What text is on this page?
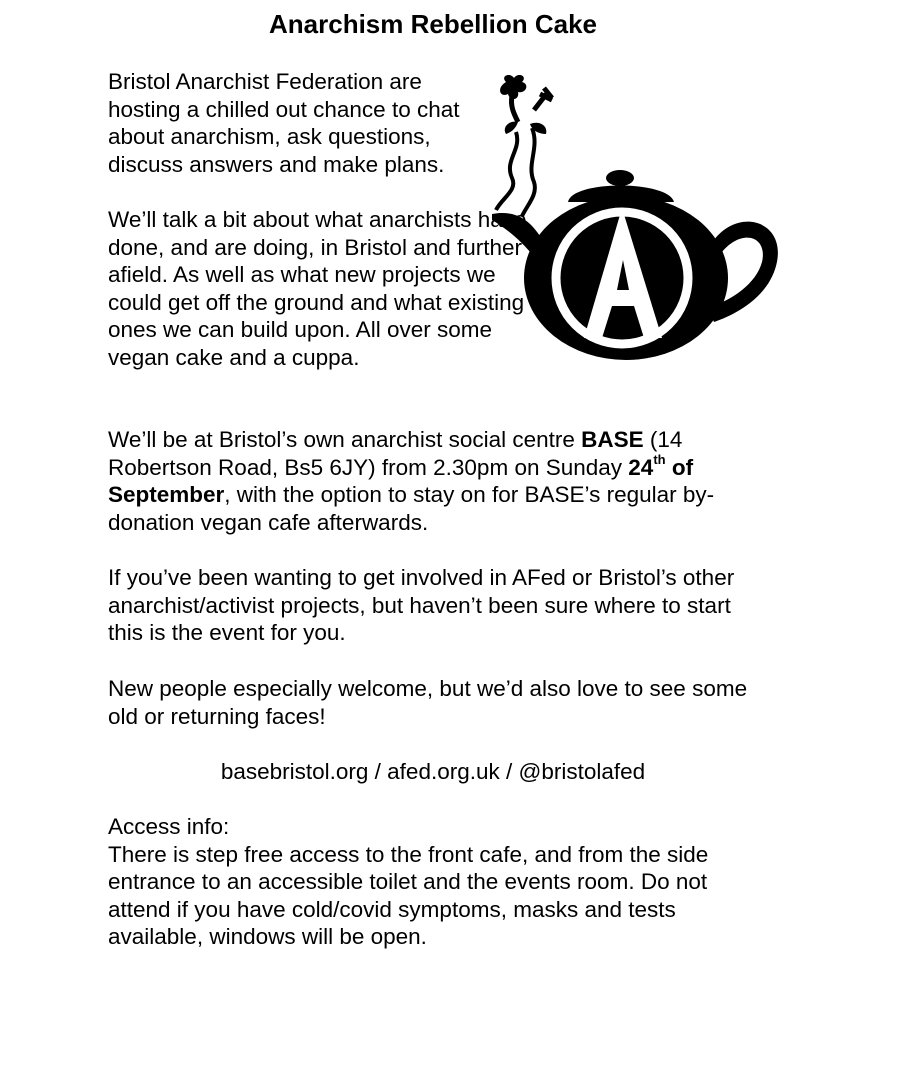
Anarchism Rebellion Cake

Bristol Anarchist Federation are hosting a chilled out chance to chat about anarchism, ask questions, discuss answers and make plans.

We’ll talk a bit about what anarchists have done, and are doing, in Bristol and further afield. As well as what new projects we could get off the ground and what existing ones we can build upon. All over some vegan cake and a cuppa.

We’ll be at Bristol’s own anarchist social centre BASE (14 Robertson Road, Bs5 6JY) from 2.30pm on Sunday 24th of September, with the option to stay on for BASE’s regular by-donation vegan cafe afterwards.

If you’ve been wanting to get involved in AFed or Bristol’s other anarchist/activist projects, but haven’t been sure where to start this is the event for you.

New people especially welcome, but we’d also love to see some old or returning faces!

basebristol.org / afed.org.uk / @bristolafed

Access info:
There is step free access to the front cafe, and from the side entrance to an accessible toilet and the events room. Do not attend if you have cold/covid symptoms, masks and tests available, windows will be open.
